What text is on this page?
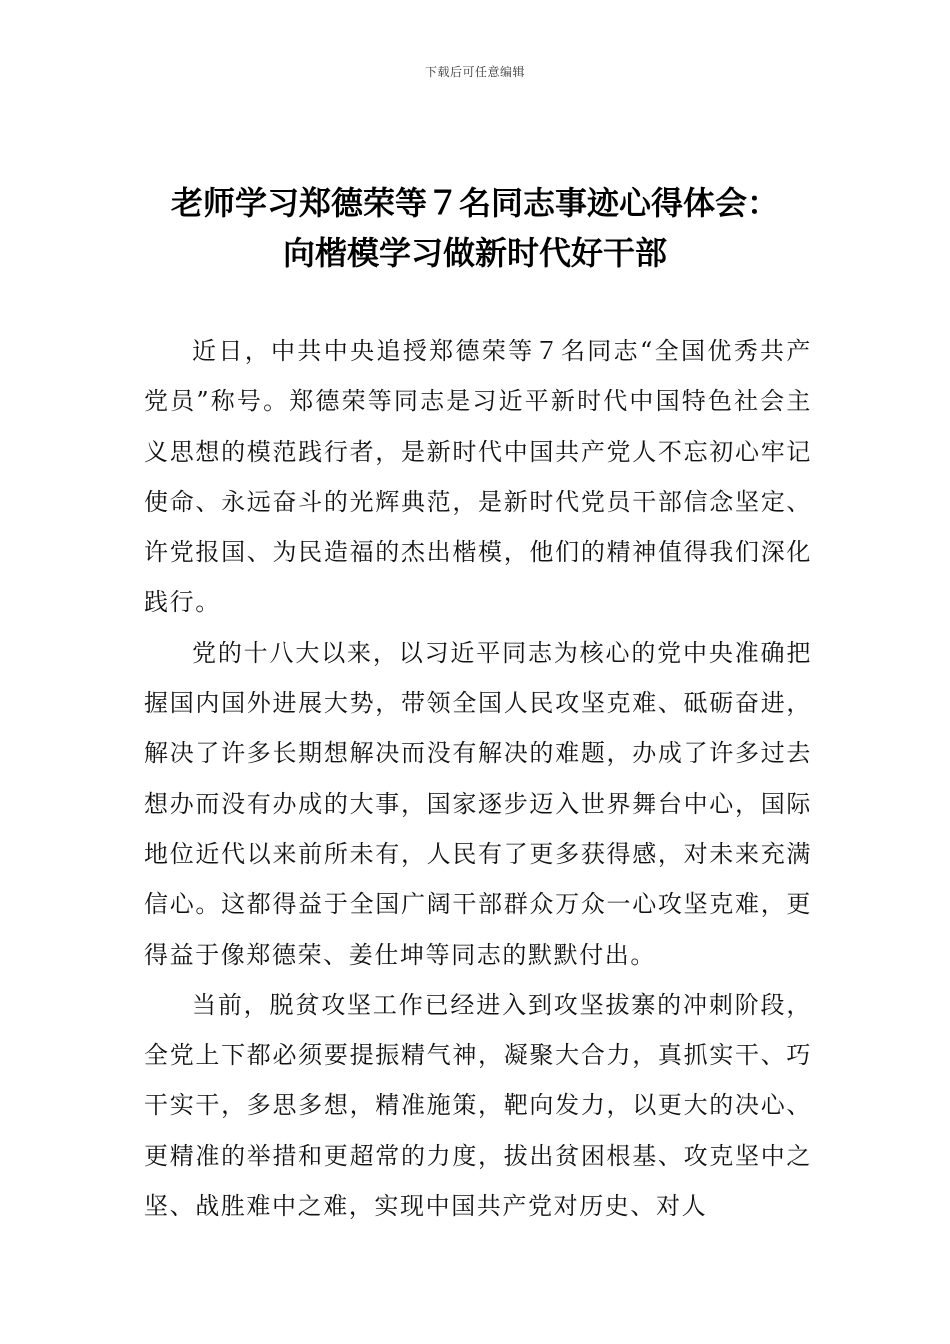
下载后可任意编辑
老师学习郑德荣等７名同志事迹心得体会：
向楷模学习做新时代好干部

近日，中共中央追授郑德荣等７名同志“全国优秀共产党员”称号。郑德荣等同志是习近平新时代中国特色社会主义思想的模范践行者，是新时代中国共产党人不忘初心牢记使命、永远奋斗的光辉典范，是新时代党员干部信念坚定、许党报国、为民造福的杰出楷模，他们的精神值得我们深化践行。

党的十八大以来，以习近平同志为核心的党中央准确把握国内国外进展大势，带领全国人民攻坚克难、砥砺奋进，解决了许多长期想解决而没有解决的难题，办成了许多过去想办而没有办成的大事，国家逐步迈入世界舞台中心，国际地位近代以来前所未有，人民有了更多获得感，对未来充满信心。这都得益于全国广阔干部群众万众一心攻坚克难，更得益于像郑德荣、姜仕坤等同志的默默付出。

当前，脱贫攻坚工作已经进入到攻坚拔寨的冲刺阶段，全党上下都必须要提振精气神，凝聚大合力，真抓实干、巧干实干，多思多想，精准施策，靶向发力，以更大的决心、更精准的举措和更超常的力度，拔出贫困根基、攻克坚中之坚、战胜难中之难，实现中国共产党对历史、对人
